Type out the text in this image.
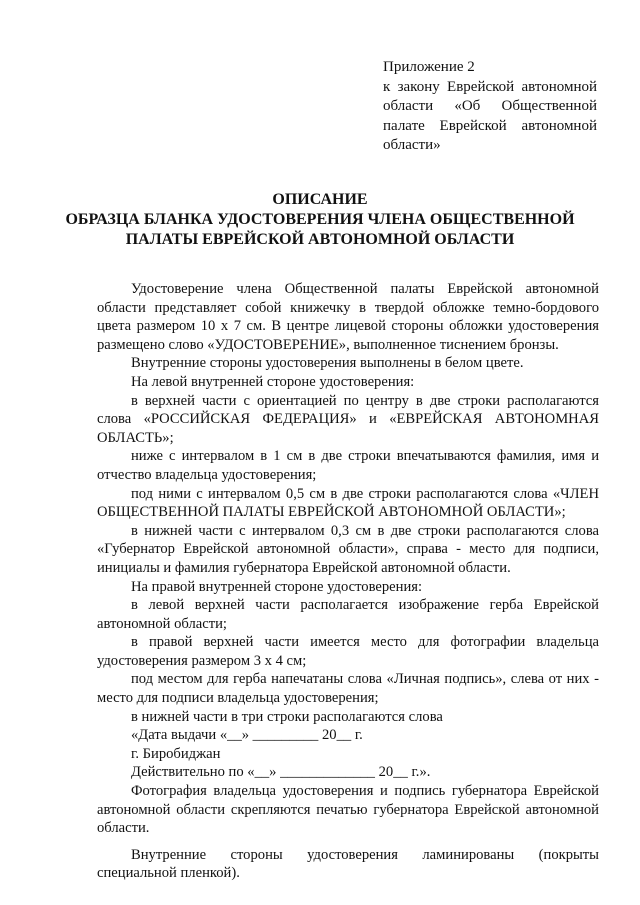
Приложение 2
к закону Еврейской автономной
области «Об Общественной
палате Еврейской автономной
области»
ОПИСАНИЕ
ОБРАЗЦА БЛАНКА УДОСТОВЕРЕНИЯ ЧЛЕНА ОБЩЕСТВЕННОЙ
ПАЛАТЫ ЕВРЕЙСКОЙ АВТОНОМНОЙ ОБЛАСТИ

Удостоверение члена Общественной палаты Еврейской автономной области представляет собой книжечку в твердой обложке темно-бордового цвета размером 10 х 7 см. В центре лицевой стороны обложки удостоверения размещено слово «УДОСТОВЕРЕНИЕ», выполненное тиснением бронзы.

Внутренние стороны удостоверения выполнены в белом цвете.

На левой внутренней стороне удостоверения:

в верхней части с ориентацией по центру в две строки располагаются слова «РОССИЙСКАЯ ФЕДЕРАЦИЯ» и «ЕВРЕЙСКАЯ АВТОНОМНАЯ ОБЛАСТЬ»;

ниже с интервалом в 1 см в две строки впечатываются фамилия, имя и отчество владельца удостоверения;

под ними с интервалом 0,5 см в две строки располагаются слова «ЧЛЕН ОБЩЕСТВЕННОЙ ПАЛАТЫ ЕВРЕЙСКОЙ АВТОНОМНОЙ ОБЛАСТИ»;

в нижней части с интервалом 0,3 см в две строки располагаются слова «Губернатор Еврейской автономной области», справа - место для подписи, инициалы и фамилия губернатора Еврейской автономной области.

На правой внутренней стороне удостоверения:

в левой верхней части располагается изображение герба Еврейской автономной области;

в правой верхней части имеется место для фотографии владельца удостоверения размером 3 х 4 см;

под местом для герба напечатаны слова «Личная подпись», слева от них - место для подписи владельца удостоверения;

в нижней части в три строки располагаются слова

«Дата выдачи «__» _________ 20__ г.

г. Биробиджан

Действительно по «__» _____________ 20__ г.».

Фотография владельца удостоверения и подпись губернатора Еврейской автономной области скрепляются печатью губернатора Еврейской автономной области.

Внутренние стороны удостоверения ламинированы (покрыты специальной пленкой).
